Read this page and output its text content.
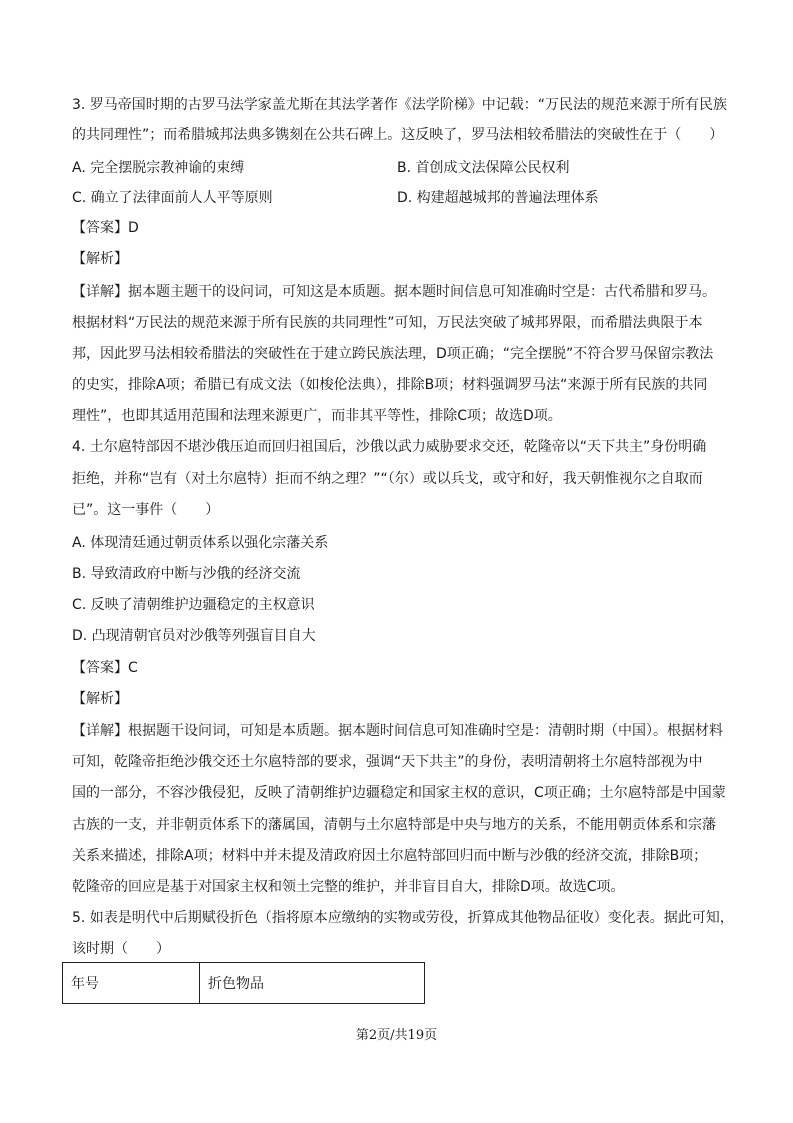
3. 罗马帝国时期的古罗马法学家盖尤斯在其法学著作《法学阶梯》中记载：“万民法的规范来源于所有民族
的共同理性”；而希腊城邦法典多镌刻在公共石碑上。这反映了，罗马法相较希腊法的突破性在于（　　）
A. 完全摆脱宗教神谕的束缚	B. 首创成文法保障公民权利
C. 确立了法律面前人人平等原则	D. 构建超越城邦的普遍法理体系
【答案】D
【解析】
【详解】据本题主题干的设问词，可知这是本质题。据本题时间信息可知准确时空是：古代希腊和罗马。
根据材料“万民法的规范来源于所有民族的共同理性”可知，万民法突破了城邦界限，而希腊法典限于本
邦，因此罗马法相较希腊法的突破性在于建立跨民族法理，D项正确；“完全摆脱”不符合罗马保留宗教法
的史实，排除A项；希腊已有成文法（如梭伦法典），排除B项；材料强调罗马法“来源于所有民族的共同
理性”，也即其适用范围和法理来源更广，而非其平等性，排除C项；故选D项。
4. 土尔扈特部因不堪沙俄压迫而回归祖国后，沙俄以武力威胁要求交还，乾隆帝以“天下共主”身份明确
拒绝，并称“岂有（对土尔扈特）拒而不纳之理？”“（尔）或以兵戈，或守和好，我天朝惟视尔之自取而
已”。这一事件（　　）
A. 体现清廷通过朝贡体系以强化宗藩关系
B. 导致清政府中断与沙俄的经济交流
C. 反映了清朝维护边疆稳定的主权意识
D. 凸现清朝官员对沙俄等列强盲目自大
【答案】C
【解析】
【详解】根据题干设问词，可知是本质题。据本题时间信息可知准确时空是：清朝时期（中国）。根据材料
可知，乾隆帝拒绝沙俄交还土尔扈特部的要求，强调“天下共主”的身份，表明清朝将土尔扈特部视为中
国的一部分，不容沙俄侵犯，反映了清朝维护边疆稳定和国家主权的意识，C项正确；土尔扈特部是中国蒙
古族的一支，并非朝贡体系下的藩属国，清朝与土尔扈特部是中央与地方的关系，不能用朝贡体系和宗藩
关系来描述，排除A项；材料中并未提及清政府因土尔扈特部回归而中断与沙俄的经济交流，排除B项；
乾隆帝的回应是基于对国家主权和领土完整的维护，并非盲目自大，排除D项。故选C项。
5. 如表是明代中后期赋役折色（指将原本应缴纳的实物或劳役，折算成其他物品征收）变化表。据此可知，
该时期（　　）
年号	折色物品
第2页/共19页
